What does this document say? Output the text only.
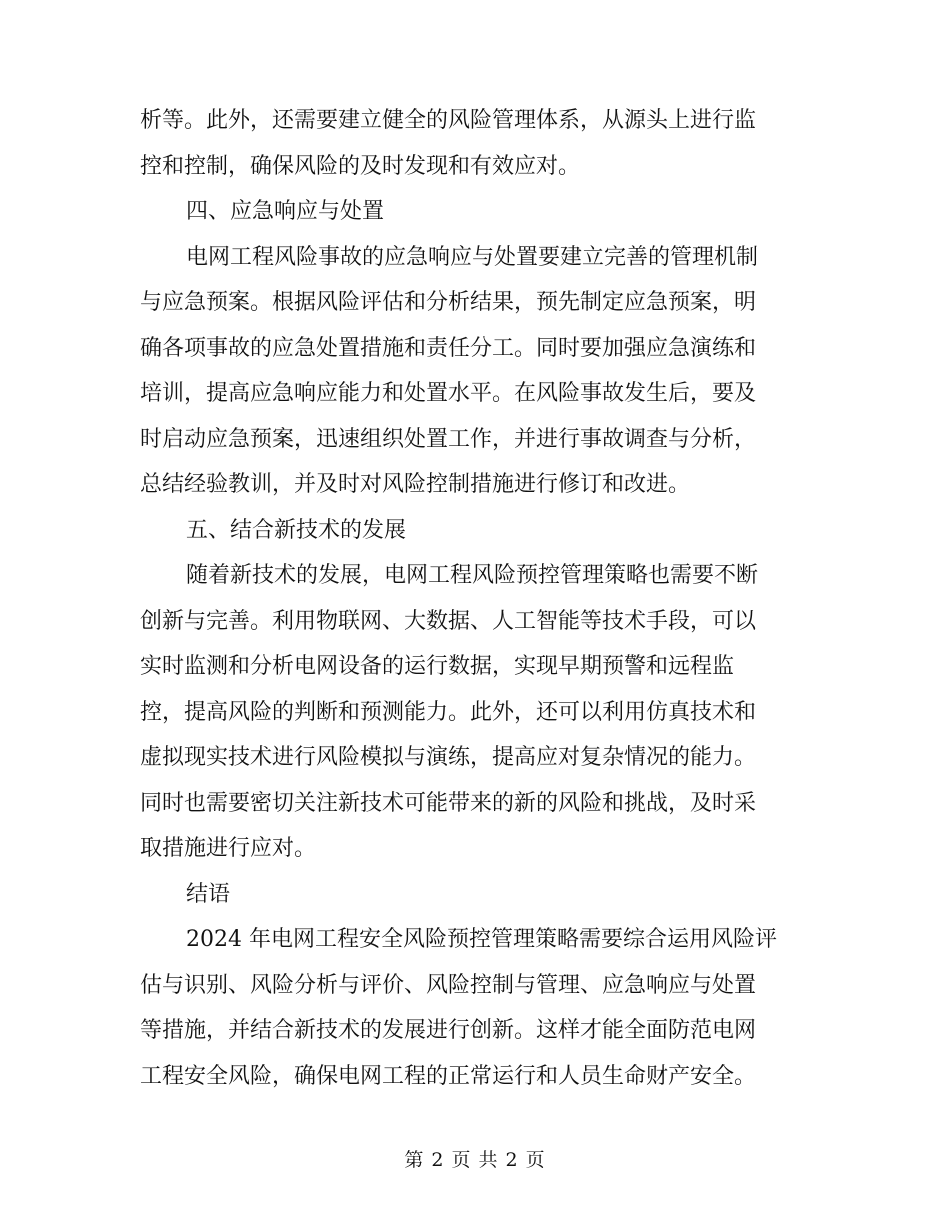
析等。此外，还需要建立健全的风险管理体系，从源头上进行监
控和控制，确保风险的及时发现和有效应对。
四、应急响应与处置
电网工程风险事故的应急响应与处置要建立完善的管理机制
与应急预案。根据风险评估和分析结果，预先制定应急预案，明
确各项事故的应急处置措施和责任分工。同时要加强应急演练和
培训，提高应急响应能力和处置水平。在风险事故发生后，要及
时启动应急预案，迅速组织处置工作，并进行事故调查与分析，
总结经验教训，并及时对风险控制措施进行修订和改进。
五、结合新技术的发展
随着新技术的发展，电网工程风险预控管理策略也需要不断
创新与完善。利用物联网、大数据、人工智能等技术手段，可以
实时监测和分析电网设备的运行数据，实现早期预警和远程监
控，提高风险的判断和预测能力。此外，还可以利用仿真技术和
虚拟现实技术进行风险模拟与演练，提高应对复杂情况的能力。
同时也需要密切关注新技术可能带来的新的风险和挑战，及时采
取措施进行应对。
结语
2024 年电网工程安全风险预控管理策略需要综合运用风险评
估与识别、风险分析与评价、风险控制与管理、应急响应与处置
等措施，并结合新技术的发展进行创新。这样才能全面防范电网
工程安全风险，确保电网工程的正常运行和人员生命财产安全。
第 2 页 共 2 页
